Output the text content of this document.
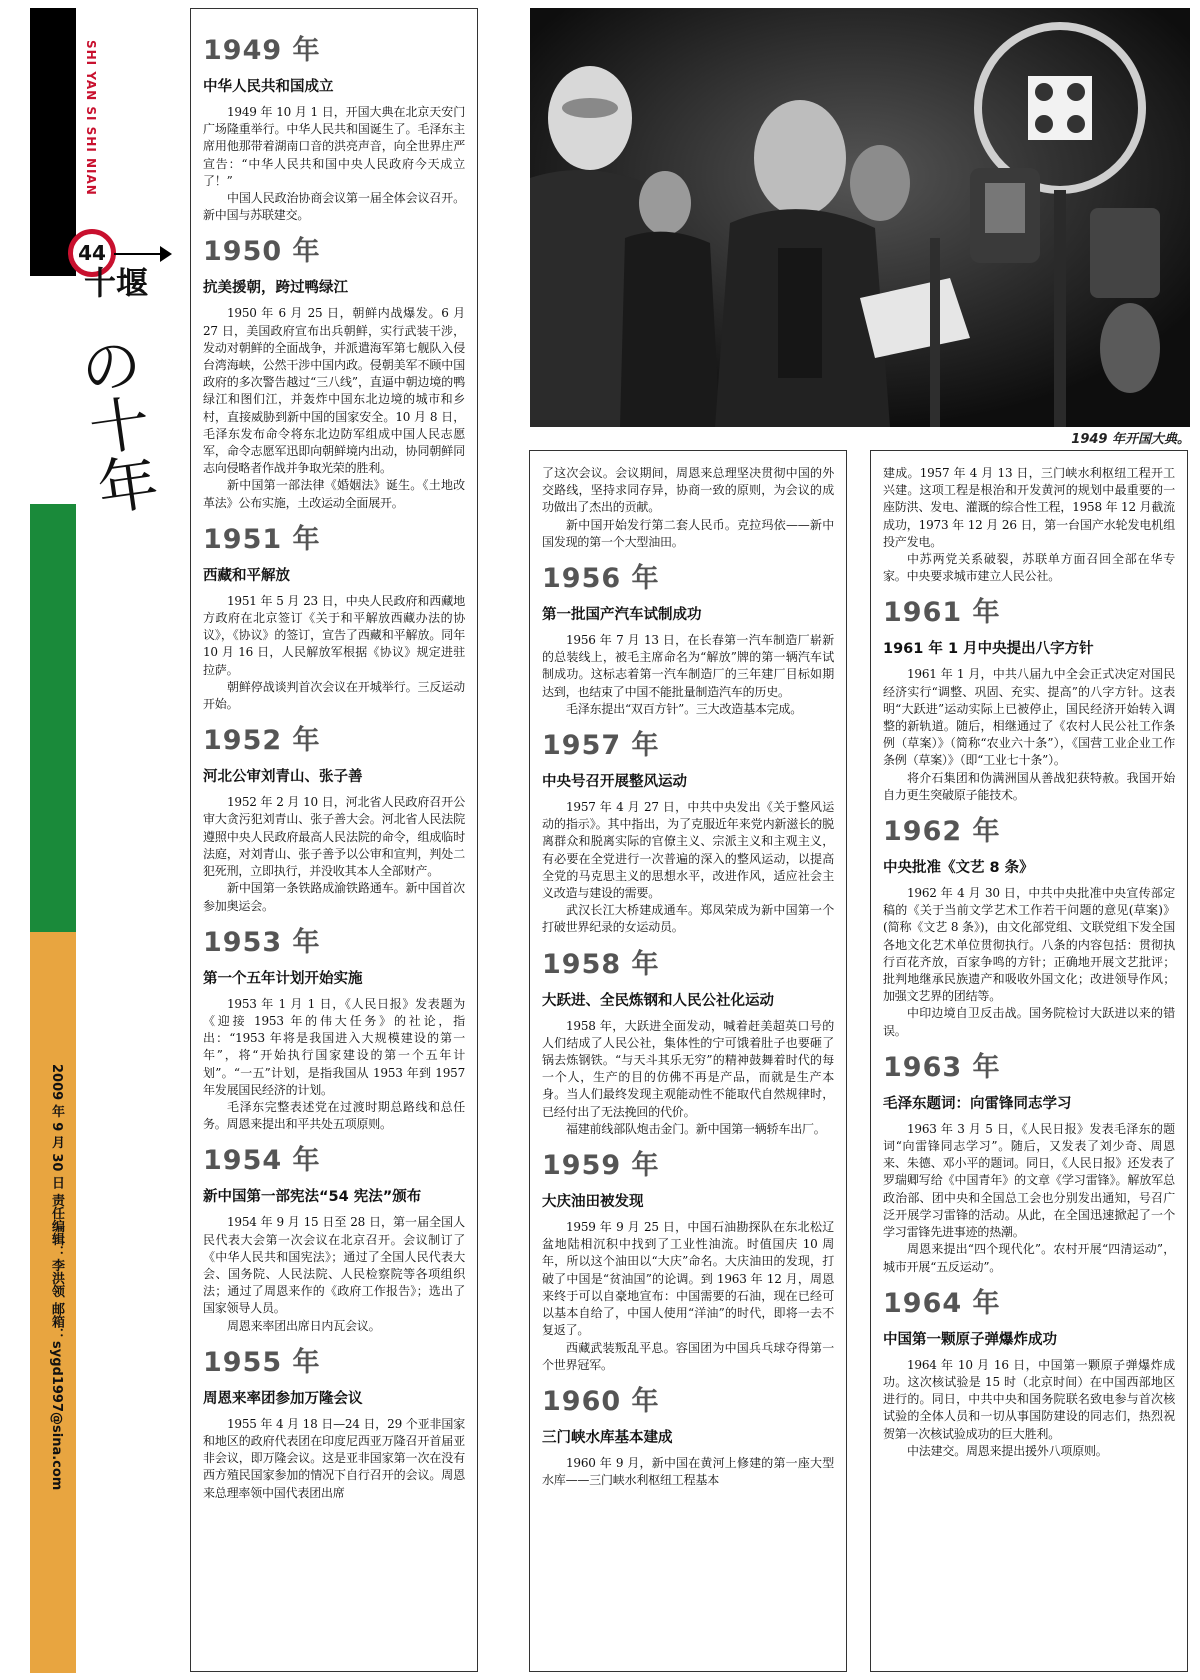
SHI YAN SI SHI NIAN
44
十堰
の十年
2009 年 9 月 30 日 责任编辑：李洪领 邮箱：sygd1997@sina.com
1949 年开国大典。
1949 年
中华人民共和国成立

1949 年 10 月 1 日，开国大典在北京天安门广场隆重举行。中华人民共和国诞生了。毛泽东主席用他那带着湖南口音的洪亮声音，向全世界庄严宣告：“中华人民共和国中央人民政府今天成立了！”

中国人民政治协商会议第一届全体会议召开。新中国与苏联建交。

1950 年
抗美援朝，跨过鸭绿江

1950 年 6 月 25 日，朝鲜内战爆发。6 月 27 日，美国政府宣布出兵朝鲜，实行武装干涉，发动对朝鲜的全面战争，并派遣海军第七舰队入侵台湾海峡，公然干涉中国内政。侵朝美军不顾中国政府的多次警告越过“三八线”，直逼中朝边境的鸭绿江和图们江，并轰炸中国东北边境的城市和乡村，直接威胁到新中国的国家安全。10 月 8 日，毛泽东发布命令将东北边防军组成中国人民志愿军，命令志愿军迅即向朝鲜境内出动，协同朝鲜同志向侵略者作战并争取光荣的胜利。

新中国第一部法律《婚姻法》诞生。《土地改革法》公布实施，土改运动全面展开。

1951 年
西藏和平解放

1951 年 5 月 23 日，中央人民政府和西藏地方政府在北京签订《关于和平解放西藏办法的协议》，《协议》的签订，宣告了西藏和平解放。同年 10 月 16 日，人民解放军根据《协议》规定进驻拉萨。

朝鲜停战谈判首次会议在开城举行。三反运动开始。

1952 年
河北公审刘青山、张子善

1952 年 2 月 10 日，河北省人民政府召开公审大贪污犯刘青山、张子善大会。河北省人民法院遵照中央人民政府最高人民法院的命令，组成临时法庭，对刘青山、张子善予以公审和宣判，判处二犯死刑，立即执行，并没收其本人全部财产。

新中国第一条铁路成渝铁路通车。新中国首次参加奥运会。

1953 年
第一个五年计划开始实施

1953 年 1 月 1 日，《人民日报》发表题为《迎接 1953 年的伟大任务》的社论，指出：“1953 年将是我国进入大规模建设的第一年”，将“开始执行国家建设的第一个五年计划”。“一五”计划，是指我国从 1953 年到 1957 年发展国民经济的计划。

毛泽东完整表述党在过渡时期总路线和总任务。周恩来提出和平共处五项原则。

1954 年
新中国第一部宪法“54 宪法”颁布

1954 年 9 月 15 日至 28 日，第一届全国人民代表大会第一次会议在北京召开。会议制订了《中华人民共和国宪法》；通过了全国人民代表大会、国务院、人民法院、人民检察院等各项组织法；通过了周恩来作的《政府工作报告》；选出了国家领导人员。

周恩来率团出席日内瓦会议。

1955 年
周恩来率团参加万隆会议

1955 年 4 月 18 日—24 日，29 个亚非国家和地区的政府代表团在印度尼西亚万隆召开首届亚非会议，即万隆会议。这是亚非国家第一次在没有西方殖民国家参加的情况下自行召开的会议。周恩来总理率领中国代表团出席

了这次会议。会议期间，周恩来总理坚决贯彻中国的外交路线，坚持求同存异，协商一致的原则，为会议的成功做出了杰出的贡献。

新中国开始发行第二套人民币。克拉玛依——新中国发现的第一个大型油田。

1956 年
第一批国产汽车试制成功

1956 年 7 月 13 日，在长春第一汽车制造厂崭新的总装线上，被毛主席命名为“解放”牌的第一辆汽车试制成功。这标志着第一汽车制造厂的三年建厂目标如期达到，也结束了中国不能批量制造汽车的历史。

毛泽东提出“双百方针”。三大改造基本完成。

1957 年
中央号召开展整风运动

1957 年 4 月 27 日，中共中央发出《关于整风运动的指示》。其中指出，为了克服近年来党内新滋长的脱离群众和脱离实际的官僚主义、宗派主义和主观主义，有必要在全党进行一次普遍的深入的整风运动，以提高全党的马克思主义的思想水平，改进作风，适应社会主义改造与建设的需要。

武汉长江大桥建成通车。郑凤荣成为新中国第一个打破世界纪录的女运动员。

1958 年
大跃进、全民炼钢和人民公社化运动

1958 年，大跃进全面发动，喊着赶美超英口号的人们结成了人民公社，集体性的宁可饿着肚子也要砸了锅去炼钢铁。“与天斗其乐无穷”的精神鼓舞着时代的每一个人，生产的目的仿佛不再是产品，而就是生产本身。当人们最终发现主观能动性不能取代自然规律时，已经付出了无法挽回的代价。

福建前线部队炮击金门。新中国第一辆轿车出厂。

1959 年
大庆油田被发现

1959 年 9 月 25 日，中国石油勘探队在东北松辽盆地陆相沉积中找到了工业性油流。时值国庆 10 周年，所以这个油田以“大庆”命名。大庆油田的发现，打破了中国是“贫油国”的论调。到 1963 年 12 月，周恩来终于可以自豪地宣布：中国需要的石油，现在已经可以基本自给了，中国人使用“洋油”的时代，即将一去不复返了。

西藏武装叛乱平息。容国团为中国兵乓球夺得第一个世界冠军。

1960 年
三门峡水库基本建成

1960 年 9 月，新中国在黄河上修建的第一座大型水库——三门峡水利枢纽工程基本

建成。1957 年 4 月 13 日，三门峡水利枢纽工程开工兴建。这项工程是根治和开发黄河的规划中最重要的一座防洪、发电、灌溉的综合性工程，1958 年 12 月截流成功，1973 年 12 月 26 日，第一台国产水轮发电机组投产发电。

中苏两党关系破裂，苏联单方面召回全部在华专家。中央要求城市建立人民公社。

1961 年
1961 年 1 月中央提出八字方针

1961 年 1 月，中共八届九中全会正式决定对国民经济实行“调整、巩固、充实、提高”的八字方针。这表明“大跃进”运动实际上已被停止，国民经济开始转入调整的新轨道。随后，相继通过了《农村人民公社工作条例（草案）》（简称“农业六十条”），《国营工业企业工作条例（草案）》（即“工业七十条”）。

将介石集团和伪满洲国从善战犯获特赦。我国开始自力更生突破原子能技术。

1962 年
中央批准《文艺 8 条》

1962 年 4 月 30 日，中共中央批准中央宣传部定稿的《关于当前文学艺术工作若干问题的意见(草案)》(简称《文艺 8 条》)，由文化部党组、文联党组下发全国各地文化艺术单位贯彻执行。八条的内容包括：贯彻执行百花齐放，百家争鸣的方针；正确地开展文艺批评；批判地继承民族遗产和吸收外国文化；改进领导作风；加强文艺界的团结等。

中印边境自卫反击战。国务院检讨大跃进以来的错误。

1963 年
毛泽东题词：向雷锋同志学习

1963 年 3 月 5 日，《人民日报》发表毛泽东的题词“向雷锋同志学习”。随后，又发表了刘少奇、周恩来、朱德、邓小平的题词。同日，《人民日报》还发表了罗瑞卿写给《中国青年》的文章《学习雷锋》。解放军总政治部、团中央和全国总工会也分别发出通知，号召广泛开展学习雷锋的活动。从此，在全国迅速掀起了一个学习雷锋先进事迹的热潮。

周恩来提出“四个现代化”。农村开展“四清运动”，城市开展“五反运动”。

1964 年
中国第一颗原子弹爆炸成功

1964 年 10 月 16 日，中国第一颗原子弹爆炸成功。这次核试验是 15 时（北京时间）在中国西部地区进行的。同日，中共中央和国务院联名致电参与首次核试验的全体人员和一切从事国防建设的同志们，热烈祝贺第一次核试验成功的巨大胜利。

中法建交。周恩来提出援外八项原则。
